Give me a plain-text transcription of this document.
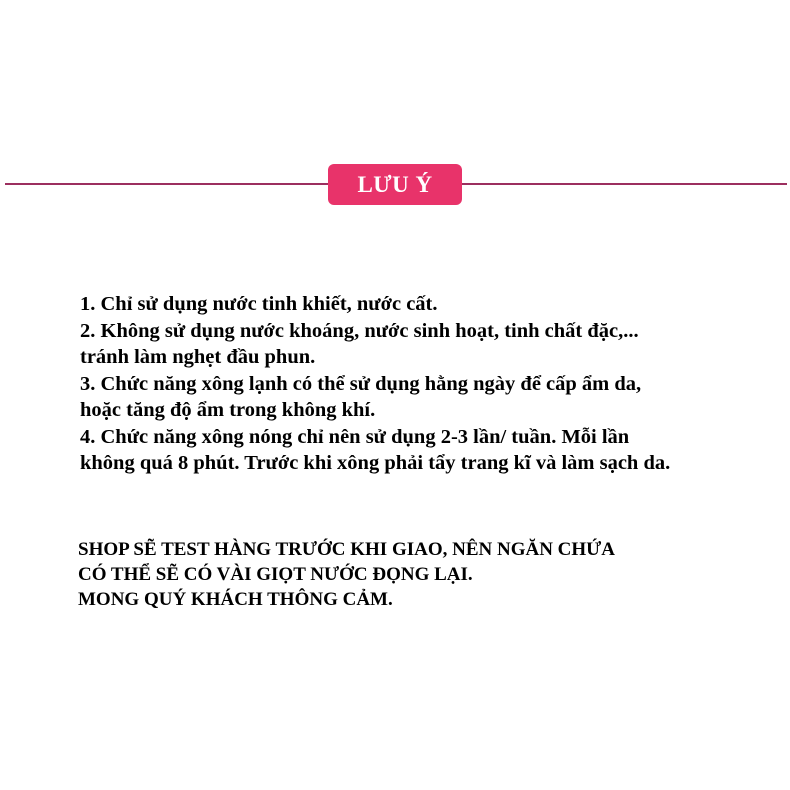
LƯU Ý
1. Chỉ sử dụng nước tinh khiết, nước cất.
2. Không sử dụng nước khoáng, nước sinh hoạt, tinh chất đặc,...
tránh làm nghẹt đầu phun.
3. Chức năng xông lạnh có thể sử dụng hằng ngày để cấp ẩm da,
hoặc tăng độ ẩm trong không khí.
4. Chức năng xông nóng chỉ nên sử dụng 2-3 lần/ tuần. Mỗi lần
không quá 8 phút. Trước khi xông phải tẩy trang kĩ và làm sạch da.
SHOP SẼ TEST HÀNG TRƯỚC KHI GIAO, NÊN NGĂN CHỨA
CÓ THỂ SẼ CÓ VÀI GIỌT NƯỚC ĐỌNG LẠI.
MONG QUÝ KHÁCH THÔNG CẢM.
